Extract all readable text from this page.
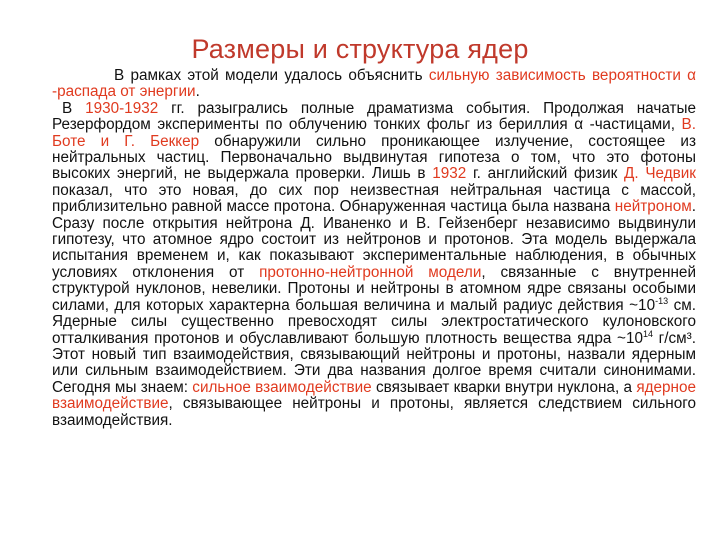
Размеры и структура ядер

В рамках этой модели удалось объяснить сильную зависимость вероятности α -распада от энергии.

В 1930-1932 гг. разыгрались полные драматизма события. Продолжая начатые Резерфордом эксперименты по облучению тонких фольг из бериллия α -частицами, В. Боте и Г. Беккер обнаружили сильно проникающее излучение, состоящее из нейтральных частиц. Первоначально выдвинутая гипотеза о том, что это фотоны высоких энергий, не выдержала проверки. Лишь в 1932 г. английский физик Д. Чедвик показал, что это новая, до сих пор неизвестная нейтральная частица с массой, приблизительно равной массе протона. Обнаруженная частица была названа нейтроном. Сразу после открытия нейтрона Д. Иваненко и В. Гейзенберг независимо выдвинули гипотезу, что атомное ядро состоит из нейтронов и протонов. Эта модель выдержала испытания временем и, как показывают экспериментальные наблюдения, в обычных условиях отклонения от протонно-нейтронной модели, связанные с внутренней структурой нуклонов, невелики. Протоны и нейтроны в атомном ядре связаны особыми силами, для которых характерна большая величина и малый радиус действия $\sim 10^{-13}$ см. Ядерные силы существенно превосходят силы электростатического кулоновского отталкивания протонов и обуславливают большую плотность вещества ядра $\sim 10^{14}$ г/см³. Этот новый тип взаимодействия, связывающий нейтроны и протоны, назвали ядерным или сильным взаимодействием. Эти два названия долгое время считали синонимами. Сегодня мы знаем: сильное взаимодействие связывает кварки внутри нуклона, а ядерное взаимодействие, связывающее нейтроны и протоны, является следствием сильного взаимодействия.
